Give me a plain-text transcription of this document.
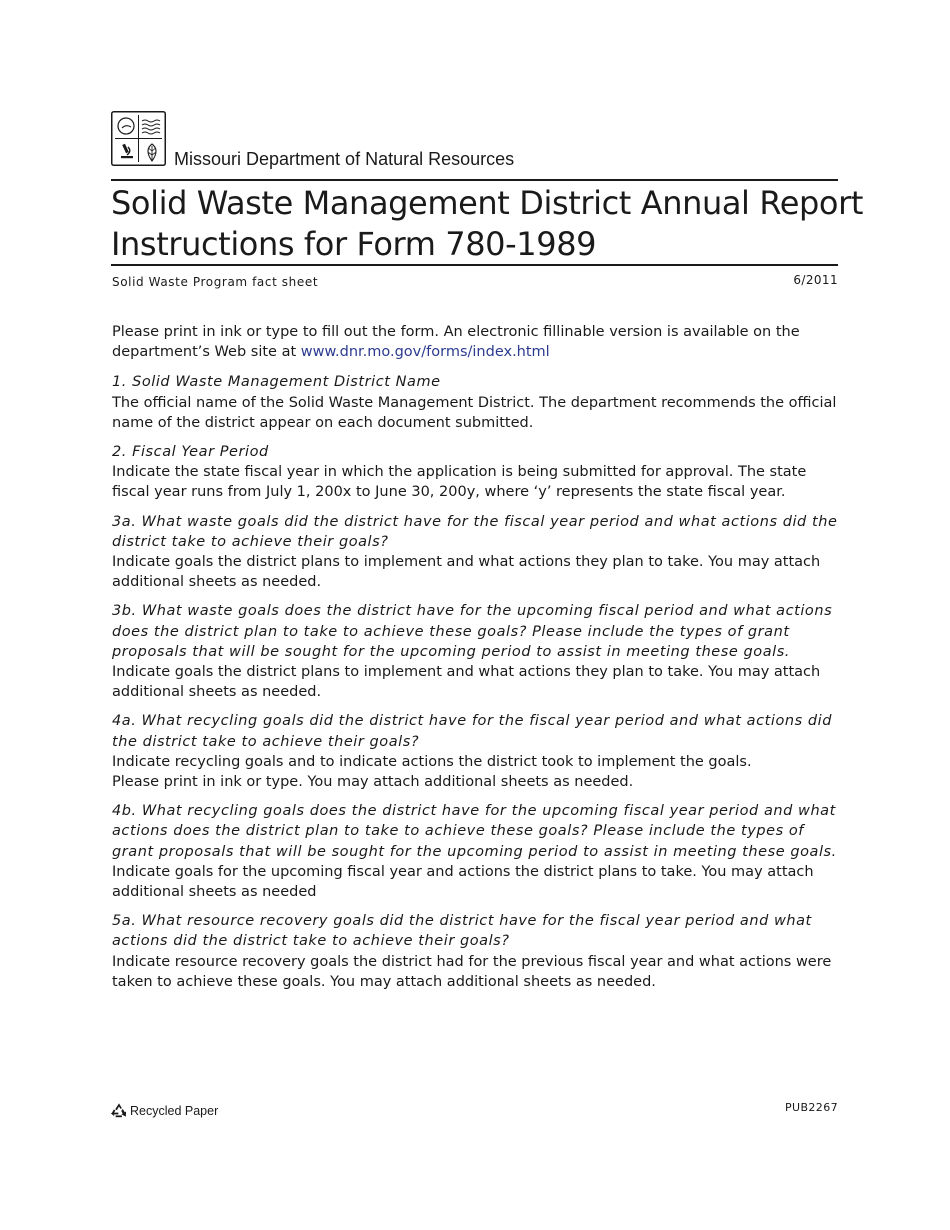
Missouri Department of Natural Resources
Solid Waste Management District Annual Report
Instructions for Form 780-1989
Solid Waste Program fact sheet	6/2011

Please print in ink or type to fill out the form. An electronic fillinable version is available on the department’s Web site at www.dnr.mo.gov/forms/index.html

1. Solid Waste Management District Name
The official name of the Solid Waste Management District. The department recommends the official name of the district appear on each document submitted.
2. Fiscal Year Period
Indicate the state fiscal year in which the application is being submitted for approval. The state fiscal year runs from July 1, 200x to June 30, 200y, where ‘y’ represents the state fiscal year.
3a. What waste goals did the district have for the fiscal year period and what actions did the district take to achieve their goals?
Indicate goals the district plans to implement and what actions they plan to take. You may attach additional sheets as needed.
3b. What waste goals does the district have for the upcoming fiscal period and what actions does the district plan to take to achieve these goals? Please include the types of grant proposals that will be sought for the upcoming period to assist in meeting these goals.
Indicate goals the district plans to implement and what actions they plan to take. You may attach additional sheets as needed.
4a. What recycling goals did the district have for the fiscal year period and what actions did the district take to achieve their goals?
Indicate recycling goals and to indicate actions the district took to implement the goals.
Please print in ink or type. You may attach additional sheets as needed.
4b. What recycling goals does the district have for the upcoming fiscal year period and what actions does the district plan to take to achieve these goals? Please include the types of grant proposals that will be sought for the upcoming period to assist in meeting these goals.
Indicate goals for the upcoming fiscal year and actions the district plans to take. You may attach additional sheets as needed
5a. What resource recovery goals did the district have for the fiscal year period and what actions did the district take to achieve their goals?
Indicate resource recovery goals the district had for the previous fiscal year and what actions were taken to achieve these goals. You may attach additional sheets as needed.
Recycled Paper	PUB2267
